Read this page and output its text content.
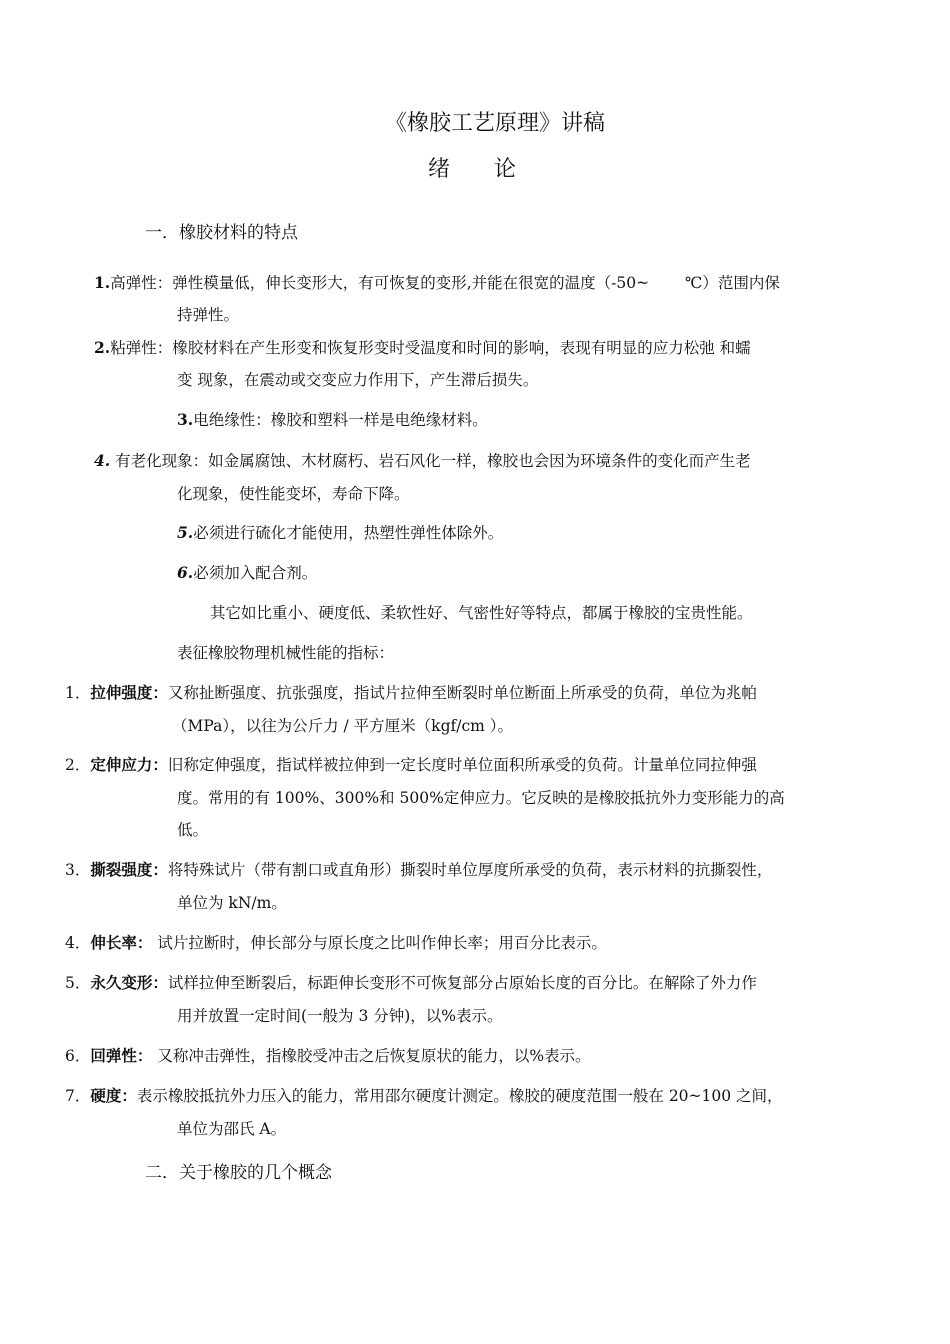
《橡胶工艺原理》讲稿
绪　　论
一．橡胶材料的特点
1.高弹性：弹性模量低，伸长变形大，有可恢复的变形,并能在很宽的温度（-50~ 　　℃）范围内保
持弹性。
2.粘弹性：橡胶材料在产生形变和恢复形变时受温度和时间的影响，表现有明显的应力松弛 和蠕
变 现象，在震动或交变应力作用下，产生滞后损失。
3.电绝缘性：橡胶和塑料一样是电绝缘材料。
4. 有老化现象：如金属腐蚀、木材腐朽、岩石风化一样，橡胶也会因为环境条件的变化而产生老
化现象，使性能变坏，寿命下降。
5.必须进行硫化才能使用，热塑性弹性体除外。
6.必须加入配合剂。
其它如比重小、硬度低、柔软性好、气密性好等特点，都属于橡胶的宝贵性能。
表征橡胶物理机械性能的指标：
1．拉伸强度：又称扯断强度、抗张强度，指试片拉伸至断裂时单位断面上所承受的负荷，单位为兆帕
（MPa），以往为公斤力 / 平方厘米（kgf/cm ）。
2．定伸应力：旧称定伸强度，指试样被拉伸到一定长度时单位面积所承受的负荷。计量单位同拉伸强
度。常用的有 100%、300%和 500%定伸应力。它反映的是橡胶抵抗外力变形能力的高
低。
3．撕裂强度：将特殊试片（带有割口或直角形）撕裂时单位厚度所承受的负荷，表示材料的抗撕裂性，
单位为 kN/m。
4．伸长率： 试片拉断时，伸长部分与原长度之比叫作伸长率；用百分比表示。
5．永久变形：试样拉伸至断裂后，标距伸长变形不可恢复部分占原始长度的百分比。在解除了外力作
用并放置一定时间(一般为 3 分钟)，以%表示。
6．回弹性： 又称冲击弹性，指橡胶受冲击之后恢复原状的能力，以%表示。
7．硬度：表示橡胶抵抗外力压入的能力，常用邵尔硬度计测定。橡胶的硬度范围一般在 20~100 之间，
单位为邵氏 A。
二．关于橡胶的几个概念
